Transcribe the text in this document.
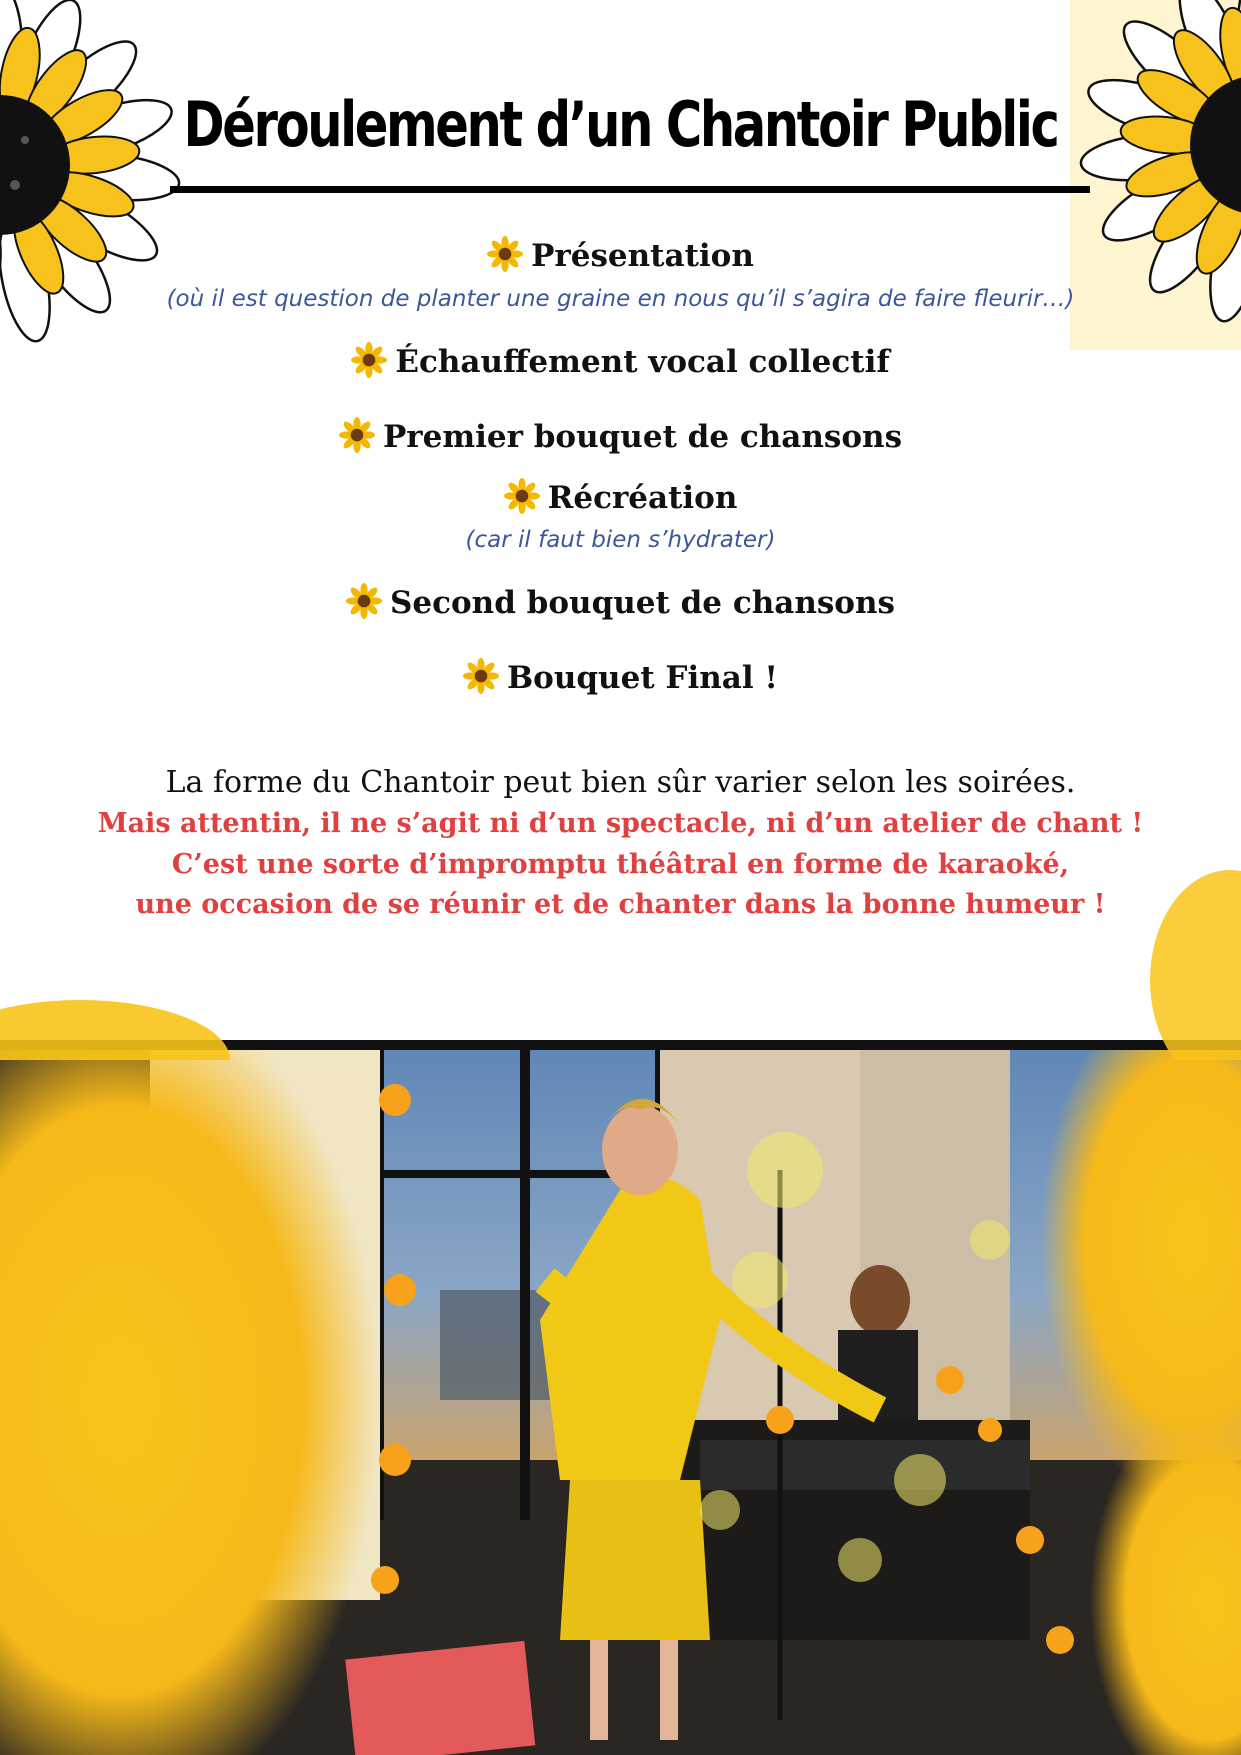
Déroulement d’un Chantoir Public
Présentation
(où il est question de planter une graine en nous qu’il s’agira de faire fleurir…)
Échauffement vocal collectif
Premier bouquet de chansons
Récréation
(car il faut bien s’hydrater)
Second bouquet de chansons
Bouquet Final !
La forme du Chantoir peut bien sûr varier selon les soirées.
Mais attentin, il ne s’agit ni d’un spectacle, ni d’un atelier de chant !
C’est une sorte d’impromptu théâtral en forme de karaoké,
une occasion de se réunir et de chanter dans la bonne humeur !
